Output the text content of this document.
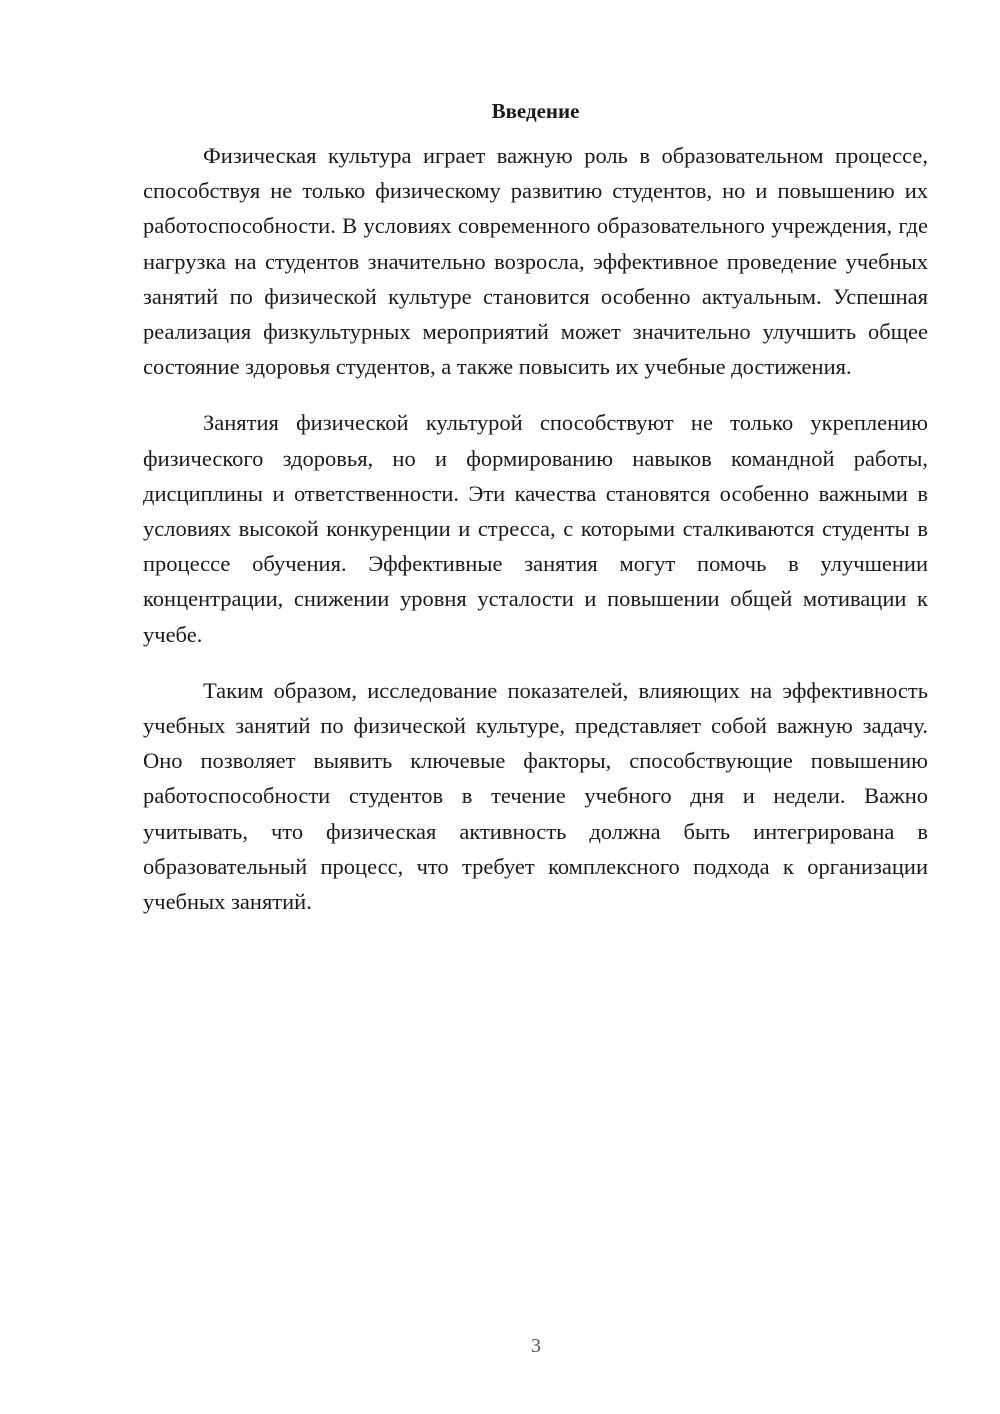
Введение

Физическая культура играет важную роль в образовательном процессе, способствуя не только физическому развитию студентов, но и повышению их работоспособности. В условиях современного образовательного учреждения, где нагрузка на студентов значительно возросла, эффективное проведение учебных занятий по физической культуре становится особенно актуальным. Успешная реализация физкультурных мероприятий может значительно улучшить общее состояние здоровья студентов, а также повысить их учебные достижения.

Занятия физической культурой способствуют не только укреплению физического здоровья, но и формированию навыков командной работы, дисциплины и ответственности. Эти качества становятся особенно важными в условиях высокой конкуренции и стресса, с которыми сталкиваются студенты в процессе обучения. Эффективные занятия могут помочь в улучшении концентрации, снижении уровня усталости и повышении общей мотивации к учебе.

Таким образом, исследование показателей, влияющих на эффективность учебных занятий по физической культуре, представляет собой важную задачу. Оно позволяет выявить ключевые факторы, способствующие повышению работоспособности студентов в течение учебного дня и недели. Важно учитывать, что физическая активность должна быть интегрирована в образовательный процесс, что требует комплексного подхода к организации учебных занятий.

3
